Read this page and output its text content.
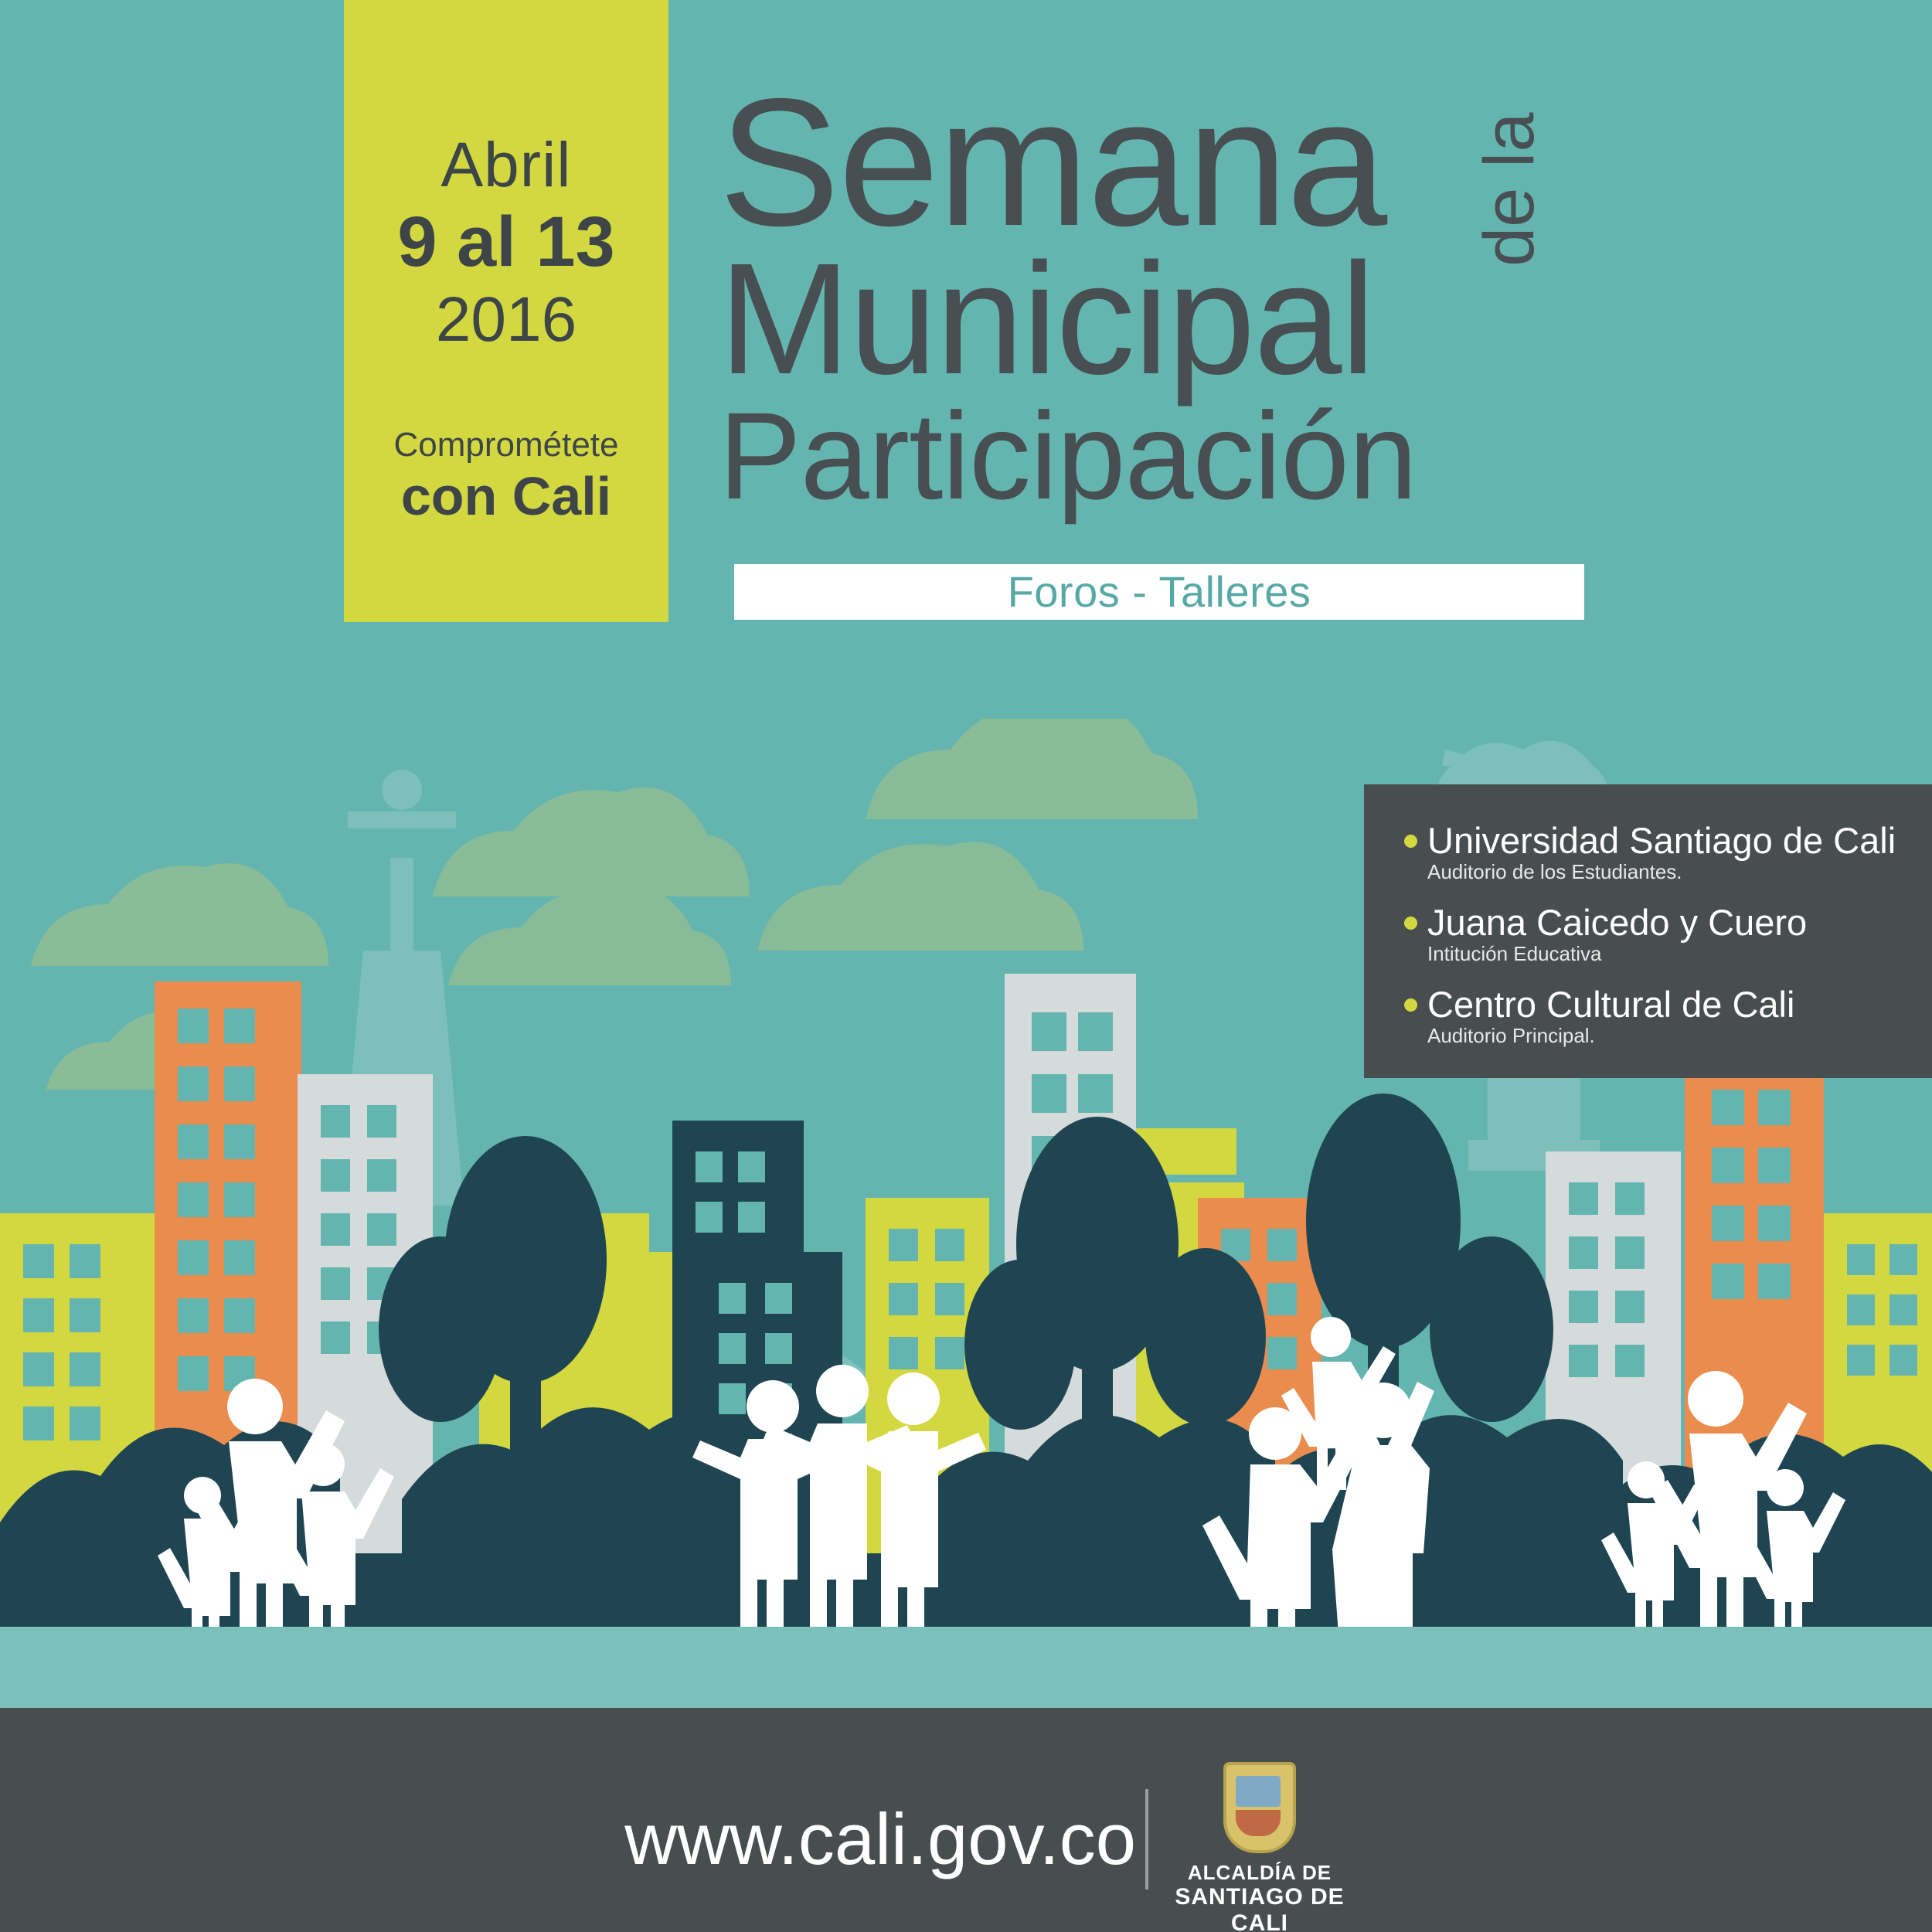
Abril
9 al 13
2016
Comprométete
con Cali
Semana
Municipal
Participación
de la
Foros - Talleres
Universidad Santiago de Cali
Auditorio de los Estudiantes.
Juana Caicedo y Cuero
Intitución Educativa
Centro Cultural de Cali
Auditorio Principal.
www.cali.gov.co	ALCALDÍA DE
SANTIAGO DE CALI
